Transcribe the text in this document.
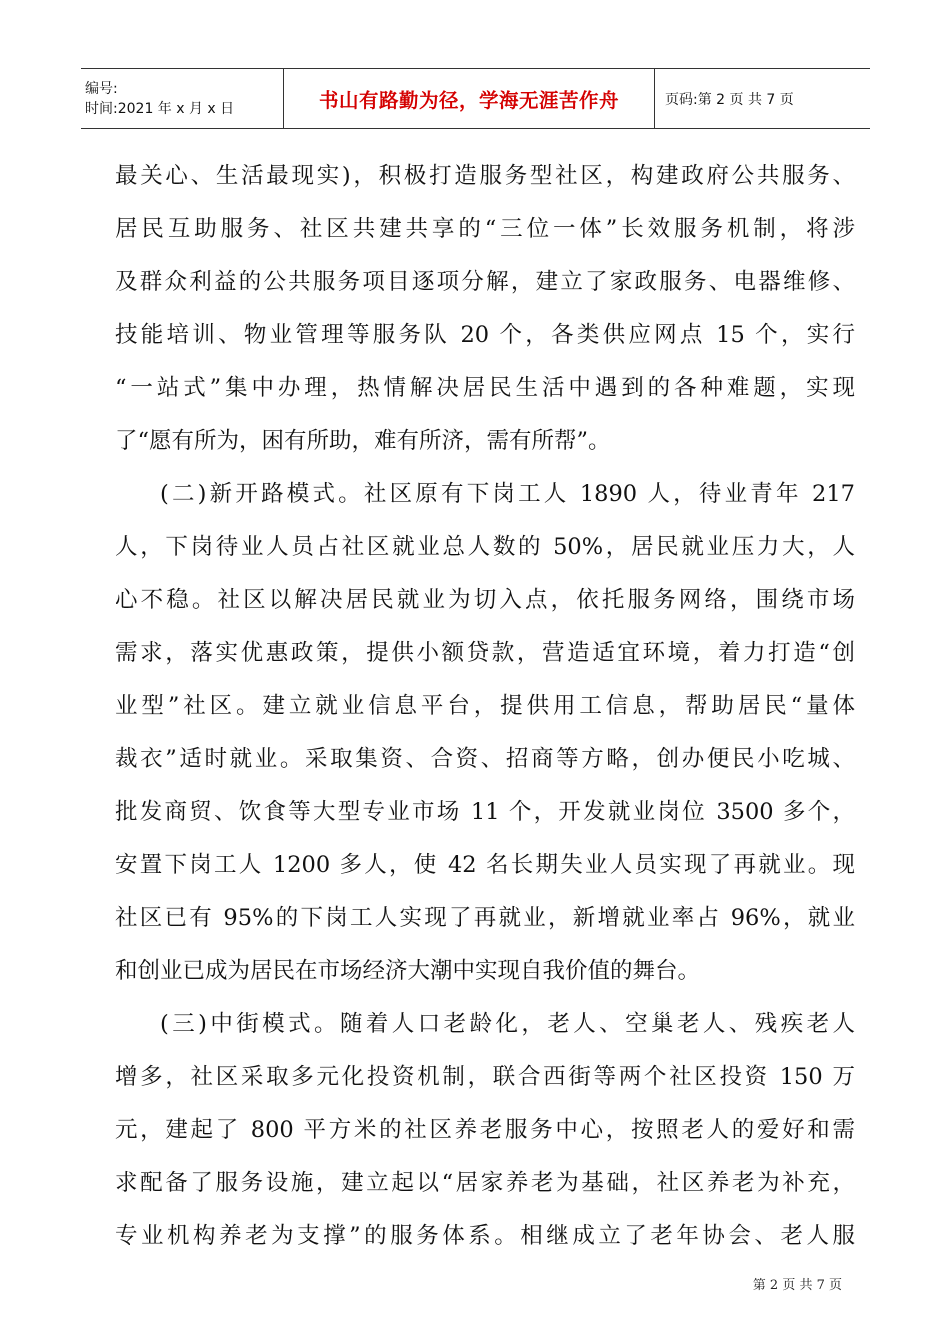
编号:
时间:2021 年 x 月 x 日	书山有路勤为径，学海无涯苦作舟	页码:第 2 页 共 7 页
最关心、生活最现实)，积极打造服务型社区，构建政府公共服务、
居民互助服务、社区共建共享的“三位一体”长效服务机制，将涉
及群众利益的公共服务项目逐项分解，建立了家政服务、电器维修、
技能培训、物业管理等服务队 20 个，各类供应网点 15 个，实行
“一站式”集中办理，热情解决居民生活中遇到的各种难题，实现
了“愿有所为，困有所助，难有所济，需有所帮”。
(二)新开路模式。社区原有下岗工人 1890 人，待业青年 217
人，下岗待业人员占社区就业总人数的 50%，居民就业压力大，人
心不稳。社区以解决居民就业为切入点，依托服务网络，围绕市场
需求，落实优惠政策，提供小额贷款，营造适宜环境，着力打造“创
业型”社区。建立就业信息平台，提供用工信息，帮助居民“量体
裁衣”适时就业。采取集资、合资、招商等方略，创办便民小吃城、
批发商贸、饮食等大型专业市场 11 个，开发就业岗位 3500 多个，
安置下岗工人 1200 多人，使 42 名长期失业人员实现了再就业。现
社区已有 95%的下岗工人实现了再就业，新增就业率占 96%，就业
和创业已成为居民在市场经济大潮中实现自我价值的舞台。
(三)中街模式。随着人口老龄化，老人、空巢老人、残疾老人
增多，社区采取多元化投资机制，联合西街等两个社区投资 150 万
元，建起了 800 平方米的社区养老服务中心，按照老人的爱好和需
求配备了服务设施，建立起以“居家养老为基础，社区养老为补充，
专业机构养老为支撑”的服务体系。相继成立了老年协会、老人服
第 2 页 共 7 页
